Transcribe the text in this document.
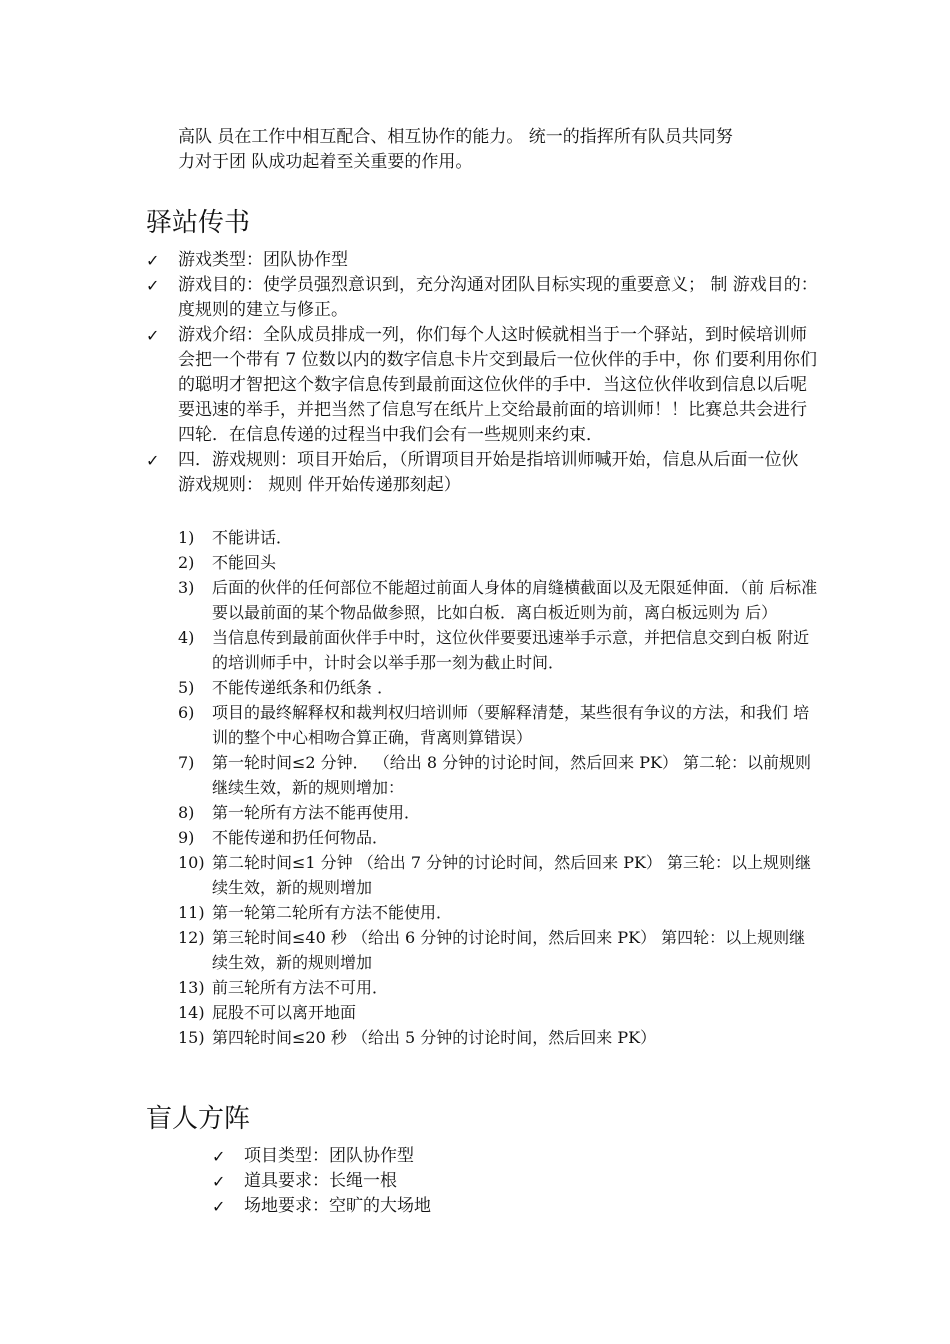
高队 员在工作中相互配合、相互协作的能力。 统一的指挥所有队员共同努

力对于团 队成功起着至关重要的作用。

驿站传书
✓	游戏类型：团队协作型
✓	游戏目的：使学员强烈意识到，充分沟通对团队目标实现的重要意义； 制 游戏目的： 度规则的建立与修正。
✓	游戏介绍：全队成员排成一列，你们每个人这时候就相当于一个驿站，到时候培训师会把一个带有 7 位数以内的数字信息卡片交到最后一位伙伴的手中，你 们要利用你们的聪明才智把这个数字信息传到最前面这位伙伴的手中．当这位伙伴收到信息以后呢要迅速的举手，并把当然了信息写在纸片上交给最前面的培训师！！比赛总共会进行四轮．在信息传递的过程当中我们会有一些规则来约束．
✓	四．游戏规则：项目开始后，（所谓项目开始是指培训师喊开始，信息从后面一位伙 游戏规则： 规则 伴开始传递那刻起）
1) 不能讲话．
2) 不能回头
3) 后面的伙伴的任何部位不能超过前面人身体的肩缝横截面以及无限延伸面．（前 后标准要以最前面的某个物品做参照，比如白板．离白板近则为前，离白板远则为 后）
4) 当信息传到最前面伙伴手中时，这位伙伴要要迅速举手示意，并把信息交到白板 附近的培训师手中，计时会以举手那一刻为截止时间．
5) 不能传递纸条和仍纸条 ．
6) 项目的最终解释权和裁判权归培训师（要解释清楚，某些很有争议的方法，和我们 培训的整个中心相吻合算正确，背离则算错误）
7) 第一轮时间≤2 分钟． （给出 8 分钟的讨论时间，然后回来 PK） 第二轮：以前规则继续生效，新的规则增加：
8) 第一轮所有方法不能再使用．
9) 不能传递和扔任何物品．
10) 第二轮时间≤1 分钟 （给出 7 分钟的讨论时间，然后回来 PK） 第三轮：以上规则继续生效，新的规则增加
11) 第一轮第二轮所有方法不能使用．
12) 第三轮时间≤40 秒 （给出 6 分钟的讨论时间，然后回来 PK） 第四轮：以上规则继续生效，新的规则增加
13) 前三轮所有方法不可用．
14) 屁股不可以离开地面
15) 第四轮时间≤20 秒 （给出 5 分钟的讨论时间，然后回来 PK）
盲人方阵
✓	项目类型：团队协作型
✓	道具要求：长绳一根
✓	场地要求：空旷的大场地
